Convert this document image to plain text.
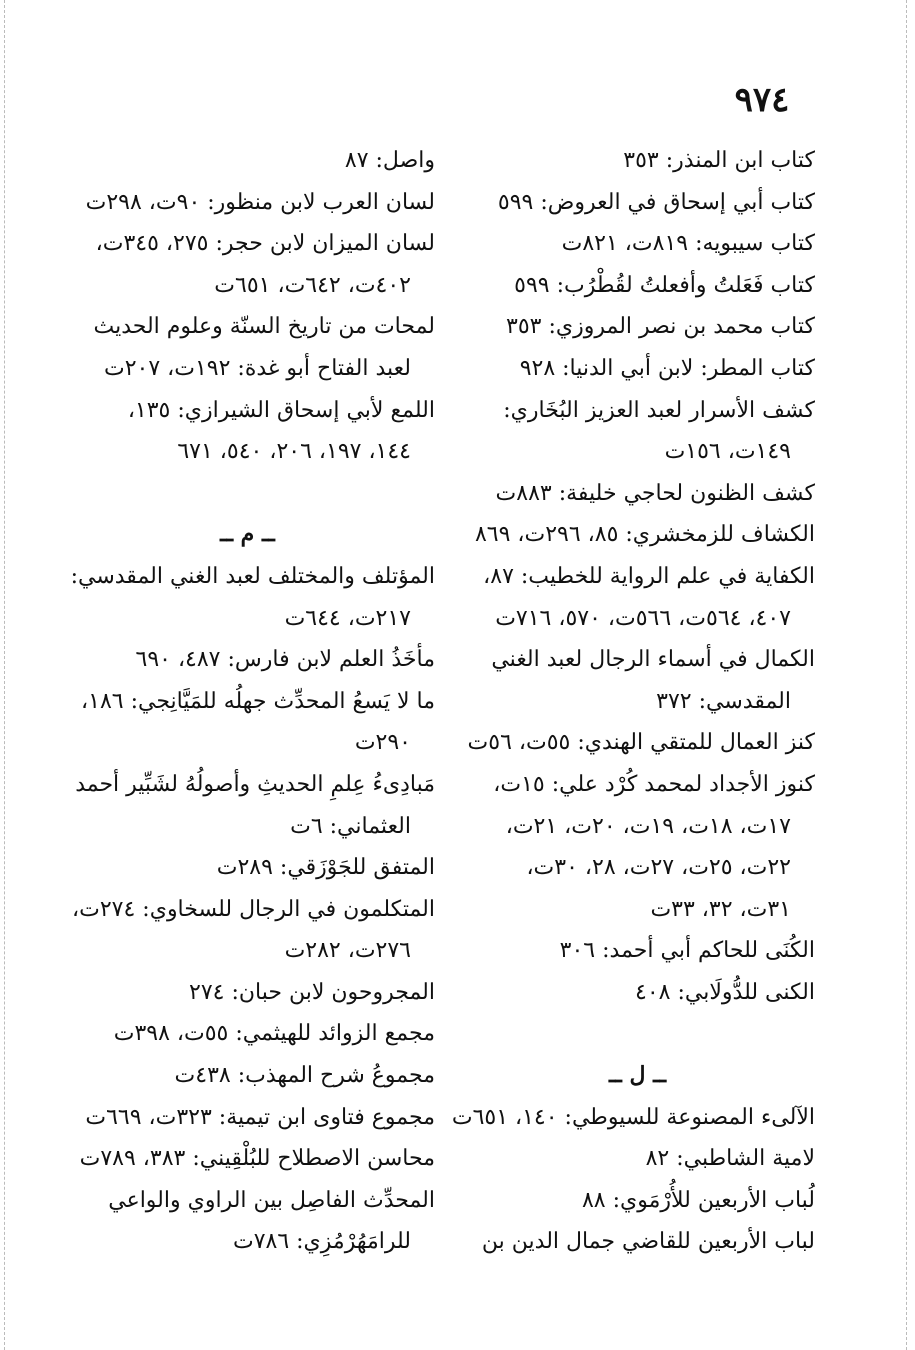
٩٧٤
كتاب ابن المنذر: ٣٥٣
كتاب أبي إسحاق في العروض: ٥٩٩
كتاب سيبويه: ٨١٩ت، ٨٢١ت
كتاب فَعَلتُ وأفعلتُ لقُطْرُب: ٥٩٩
كتاب محمد بن نصر المروزي: ٣٥٣
كتاب المطر: لابن أبي الدنيا: ٩٢٨
كشف الأسرار لعبد العزيز البُخَاري:
١٤٩ت، ١٥٦ت
كشف الظنون لحاجي خليفة: ٨٨٣ت
الكشاف للزمخشري: ٨٥، ٢٩٦ت، ٨٦٩
الكفاية في علم الرواية للخطيب: ٨٧،
٤٠٧، ٥٦٤ت، ٥٦٦ت، ٥٧٠، ٧١٦ت
الكمال في أسماء الرجال لعبد الغني
المقدسي: ٣٧٢
كنز العمال للمتقي الهندي: ٥٥ت، ٥٦ت
كنوز الأجداد لمحمد كُرْد علي: ١٥ت،
١٧ت، ١٨ت، ١٩ت، ٢٠ت، ٢١ت،
٢٢ت، ٢٥ت، ٢٧ت، ٢٨، ٣٠ت،
٣١ت، ٣٢، ٣٣ت
الكُنَى للحاكم أبي أحمد: ٣٠٦
الكنى للدُّولَابي: ٤٠٨
ــ ل ــ
الآلىء المصنوعة للسيوطي: ١٤٠، ٦٥١ت
لامية الشاطبي: ٨٢
لُباب الأربعين للأُرْمَوي: ٨٨
لباب الأربعين للقاضي جمال الدين بن
واصل: ٨٧
لسان العرب لابن منظور: ٩٠ت، ٢٩٨ت
لسان الميزان لابن حجر: ٢٧٥، ٣٤٥ت،
٤٠٢ت، ٦٤٢ت، ٦٥١ت
لمحات من تاريخ السنّة وعلوم الحديث
لعبد الفتاح أبو غدة: ١٩٢ت، ٢٠٧ت
اللمع لأبي إسحاق الشيرازي: ١٣٥،
١٤٤، ١٩٧، ٢٠٦، ٥٤٠، ٦٧١
ــ م ــ
المؤتلف والمختلف لعبد الغني المقدسي:
٢١٧ت، ٦٤٤ت
مأخَذُ العلم لابن فارس: ٤٨٧، ٦٩٠
ما لا يَسعُ المحدِّث جهلُه للمَيَّانِجي: ١٨٦،
٢٩٠ت
مَبادِىءُ عِلمِ الحديثِ وأصولُهُ لشَبِّير أحمد
العثماني: ٦ت
المتفق للجَوْزَقي: ٢٨٩ت
المتكلمون في الرجال للسخاوي: ٢٧٤ت،
٢٧٦ت، ٢٨٢ت
المجروحون لابن حبان: ٢٧٤
مجمع الزوائد للهيثمي: ٥٥ت، ٣٩٨ت
مجموعُ شرح المهذب: ٤٣٨ت
مجموع فتاوى ابن تيمية: ٣٢٣ت، ٦٦٩ت
محاسن الاصطلاح للبُلْقِيني: ٣٨٣، ٧٨٩ت
المحدِّث الفاصِل بين الراوي والواعي
للرامَهُرْمُزِي: ٧٨٦ت
